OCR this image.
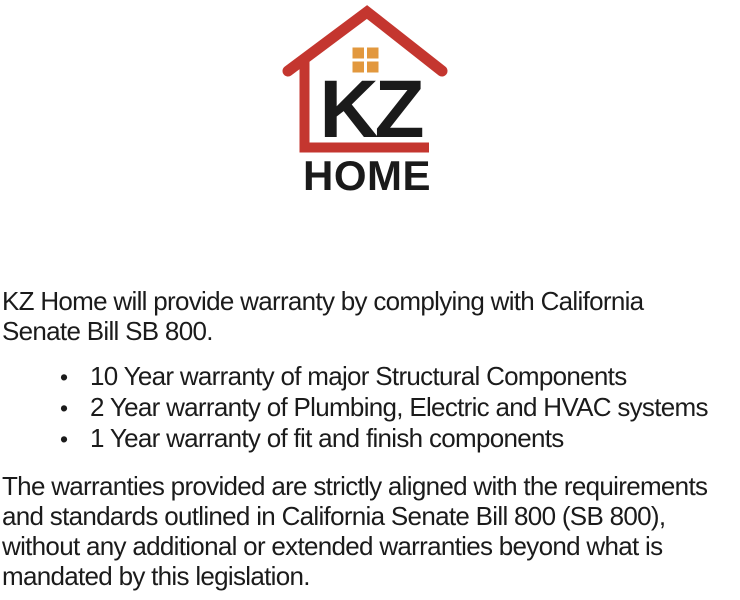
KZ
HOME
KZ Home will provide warranty by complying with California
Senate Bill SB 800.
• 10 Year warranty of major Structural Components
• 2 Year warranty of Plumbing, Electric and HVAC systems
• 1 Year warranty of fit and finish components
The warranties provided are strictly aligned with the requirements
and standards outlined in California Senate Bill 800 (SB 800),
without any additional or extended warranties beyond what is
mandated by this legislation.
